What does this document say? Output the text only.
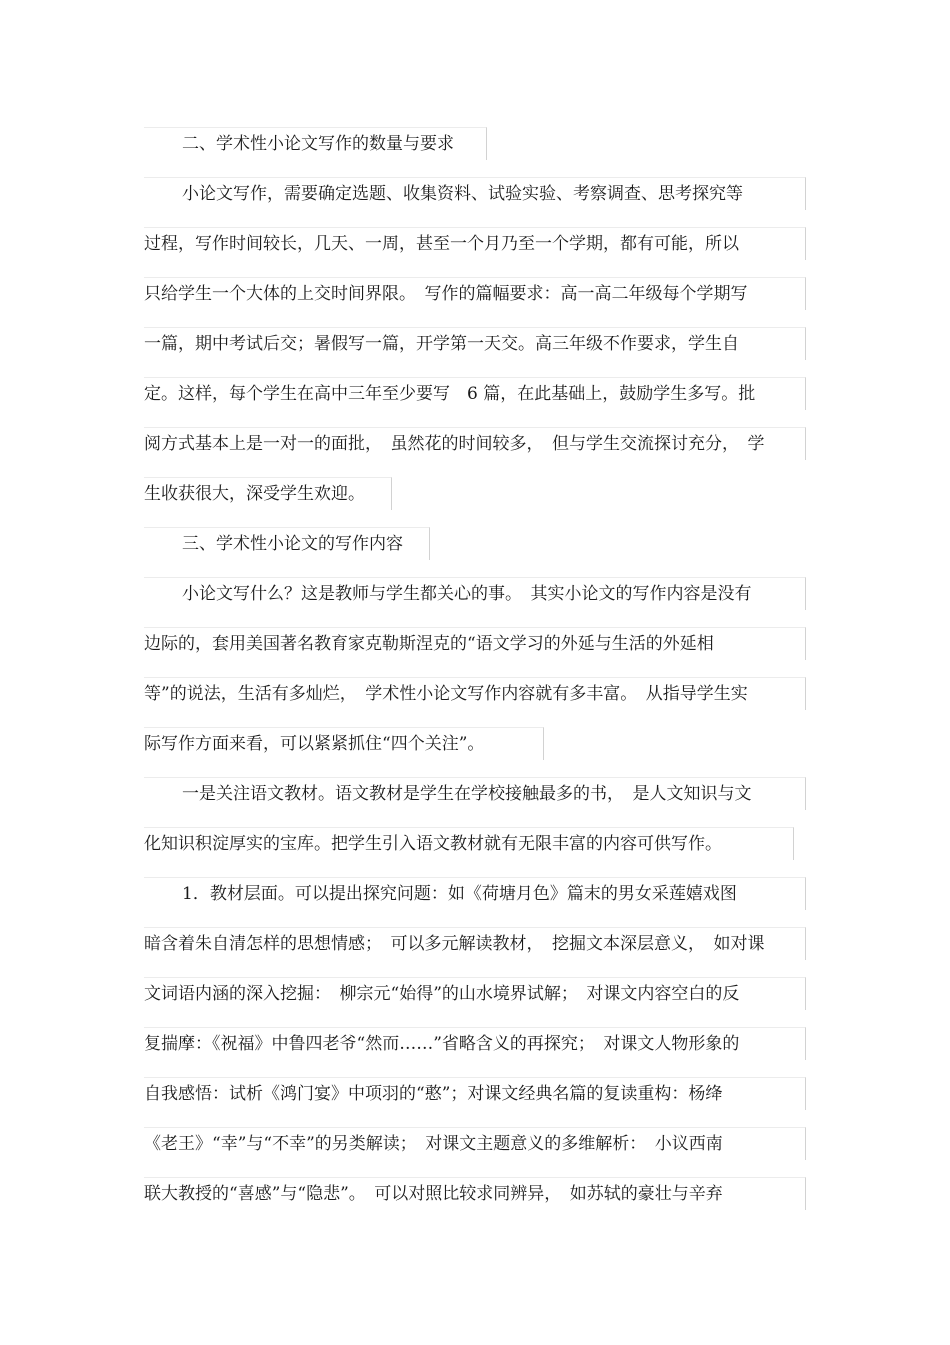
二、学术性小论文写作的数量与要求
小论文写作，需要确定选题、收集资料、试验实验、考察调查、思考探究等
过程，写作时间较长，几天、一周，甚至一个月乃至一个学期，都有可能，所以
只给学生一个大体的上交时间界限。　写作的篇幅要求：高一高二年级每个学期写
一篇，期中考试后交；暑假写一篇，开学第一天交。高三年级不作要求，学生自
定。这样，每个学生在高中三年至少要写　6 篇，在此基础上，鼓励学生多写。批
阅方式基本上是一对一的面批，　虽然花的时间较多，　但与学生交流探讨充分，　学
生收获很大，深受学生欢迎。
三、学术性小论文的写作内容
小论文写什么？这是教师与学生都关心的事。　其实小论文的写作内容是没有
边际的，套用美国著名教育家克勒斯涅克的“语文学习的外延与生活的外延相
等”的说法，生活有多灿烂，　学术性小论文写作内容就有多丰富。　从指导学生实
际写作方面来看，可以紧紧抓住“四个关注”。
一是关注语文教材。语文教材是学生在学校接触最多的书，　是人文知识与文
化知识积淀厚实的宝库。把学生引入语文教材就有无限丰富的内容可供写作。
1．教材层面。可以提出探究问题：如《荷塘月色》篇末的男女采莲嬉戏图
暗含着朱自清怎样的思想情感；　可以多元解读教材，　挖掘文本深层意义，　如对课
文词语内涵的深入挖掘：　柳宗元“始得”的山水境界试解；　对课文内容空白的反
复揣摩：《祝福》中鲁四老爷“然而……”省略含义的再探究；　对课文人物形象的
自我感悟：试析《鸿门宴》中项羽的“憨”；对课文经典名篇的复读重构：杨绛
《老王》“幸”与“不幸”的另类解读；　对课文主题意义的多维解析：　小议西南
联大教授的“喜感”与“隐悲”。　可以对照比较求同辨异，　如苏轼的豪壮与辛弃
